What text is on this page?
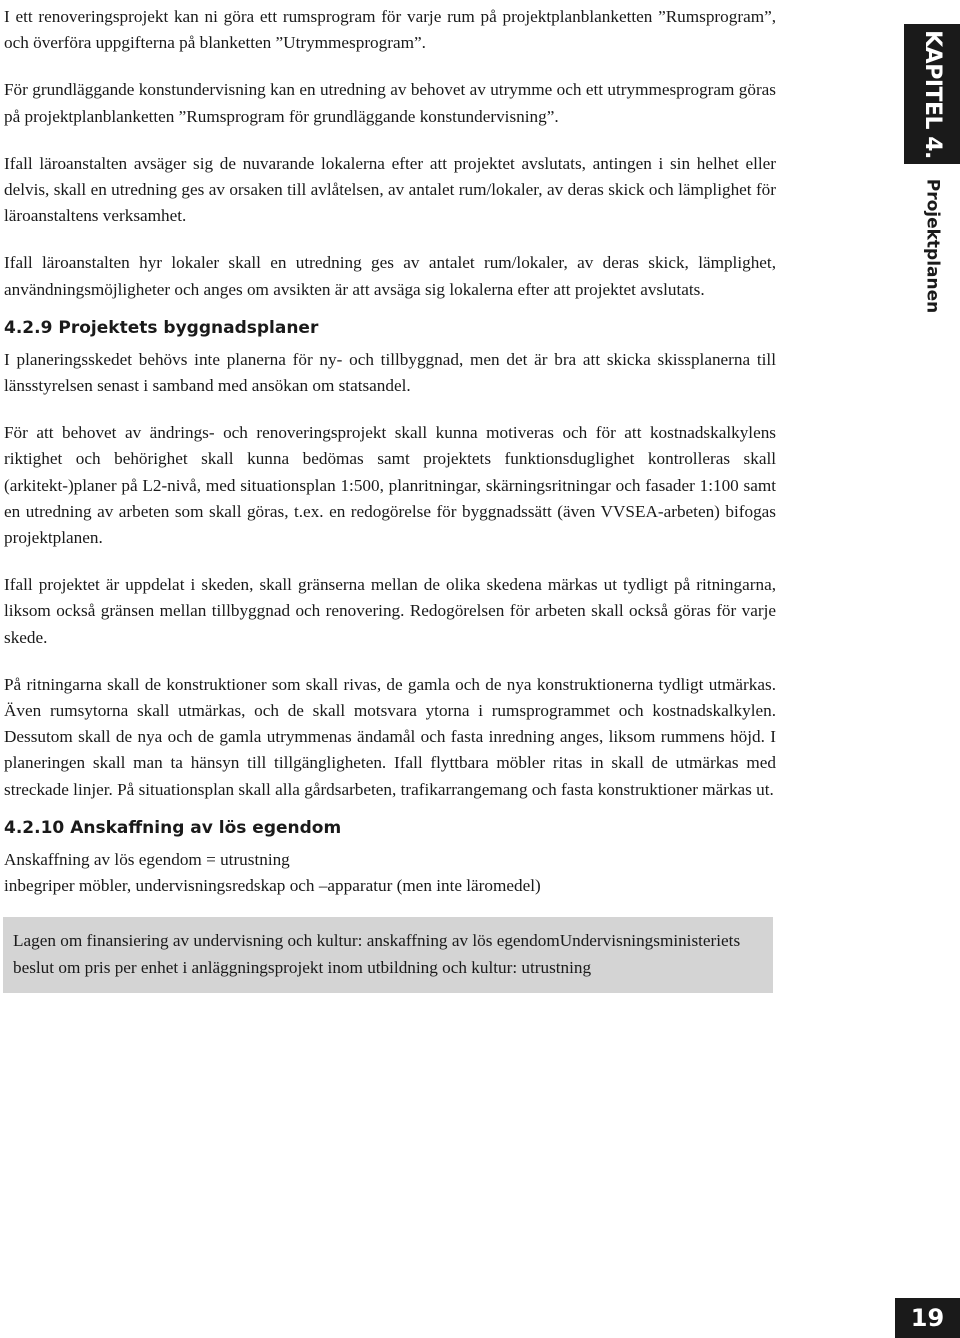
I ett renoveringsprojekt kan ni göra ett rumsprogram för varje rum på projektplanblanketten ”Rumsprogram”, och överföra uppgifterna på blanketten ”Utrymmesprogram”.

För grundläggande konstundervisning kan en utredning av behovet av utrymme och ett utrymmesprogram göras på projektplanblanketten ”Rumsprogram för grundläggande konstundervisning”.

Ifall läroanstalten avsäger sig de nuvarande lokalerna efter att projektet avslutats, antingen i sin helhet eller delvis, skall en utredning ges av orsaken till avlåtelsen, av antalet rum/lokaler, av deras skick och lämplighet för läroanstaltens verksamhet.

Ifall läroanstalten hyr lokaler skall en utredning ges av antalet rum/lokaler, av deras skick, lämplighet, användningsmöjligheter och anges om avsikten är att avsäga sig lokalerna efter att projektet avslutats.

4.2.9 Projektets byggnadsplaner

I planeringsskedet behövs inte planerna för ny- och tillbyggnad, men det är bra att skicka skissplanerna till länsstyrelsen senast i samband med ansökan om statsandel.

För att behovet av ändrings- och renoveringsprojekt skall kunna motiveras och för att kostnadskalkylens riktighet och behörighet skall kunna bedömas samt projektets funktionsduglighet kontrolleras skall (arkitekt-)planer på L2-nivå, med situationsplan 1:500, planritningar, skärningsritningar och fasader 1:100 samt en utredning av arbeten som skall göras, t.ex. en redogörelse för byggnadssätt (även VVSEA-arbeten) bifogas projektplanen.

Ifall projektet är uppdelat i skeden, skall gränserna mellan de olika skedena märkas ut tydligt på ritningarna, liksom också gränsen mellan tillbyggnad och renovering. Redogörelsen för arbeten skall också göras för varje skede.

På ritningarna skall de konstruktioner som skall rivas, de gamla och de nya konstruktionerna tydligt utmärkas. Även rumsytorna skall utmärkas, och de skall motsvara ytorna i rumsprogrammet och kostnadskalkylen. Dessutom skall de nya och de gamla utrymmenas ändamål och fasta inredning anges, liksom rummens höjd. I planeringen skall man ta hänsyn till tillgängligheten. Ifall flyttbara möbler ritas in skall de utmärkas med streckade linjer. På situationsplan skall alla gårdsarbeten, trafikarrangemang och fasta konstruktioner märkas ut.

4.2.10 Anskaffning av lös egendom

Anskaffning av lös egendom = utrustning
inbegriper möbler, undervisningsredskap och –apparatur (men inte läromedel)

Lagen om finansiering av undervisning och kultur: anskaffning av lös egendomUndervisningsministeriets beslut om pris per enhet i anläggningsprojekt inom utbildning och kultur: utrustning
KAPITEL 4.
Projektplanen
19
